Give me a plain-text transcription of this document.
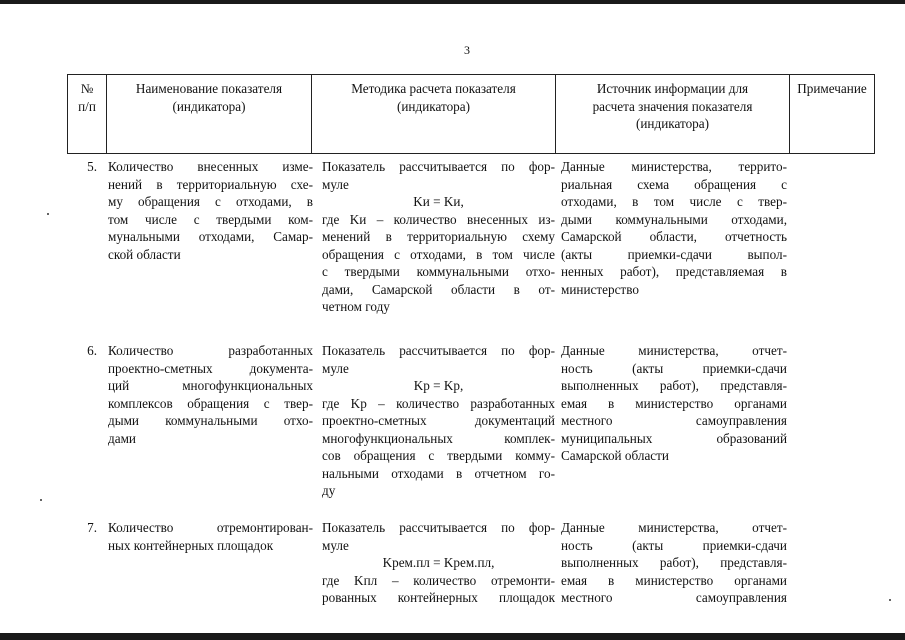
3
№
п/п
Наименование показателя
(индикатора)
Методика расчета показателя
(индикатора)
Источник информации для
расчета значения показателя
(индикатора)
Примечание
5. Количество внесенных изме-
нений в территориальную схе-
му обращения с отходами, в
том числе с твердыми ком-
мунальными отходами, Самар-
ской области
Показатель рассчитывается по фор-
муле
Kи = Kи,
где Kи – количество внесенных из-
менений в территориальную схему
обращения с отходами, в том числе
с твердыми коммунальными отхо-
дами, Самарской области в от-
четном году
Данные министерства, террито-
риальная схема обращения с
отходами, в том числе с твер-
дыми коммунальными отходами,
Самарской области, отчетность
(акты приемки-сдачи выпол-
ненных работ), представляемая в
министерство
6. Количество разработанных
проектно-сметных документа-
ций многофункциональных
комплексов обращения с твер-
дыми коммунальными отхо-
дами
Показатель рассчитывается по фор-
муле
Kр = Kр,
где Kр – количество разработанных
проектно-сметных документаций
многофункциональных комплек-
сов обращения с твердыми комму-
нальными отходами в отчетном го-
ду
Данные министерства, отчет-
ность (акты приемки-сдачи
выполненных работ), представля-
емая в министерство органами
местного самоуправления
муниципальных образований
Самарской области
7. Количество отремонтирован-
ных контейнерных площадок
Показатель рассчитывается по фор-
муле
Kрем.пл = Kрем.пл,
где Kпл – количество отремонти-
рованных контейнерных площадок
Данные министерства, отчет-
ность (акты приемки-сдачи
выполненных работ), представля-
емая в министерство органами
местного самоуправления
